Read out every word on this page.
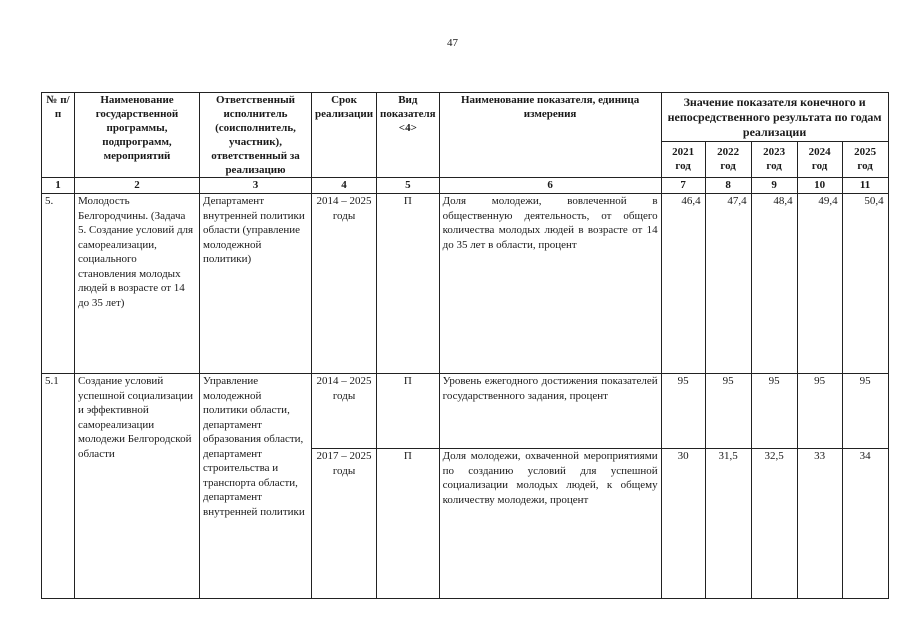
47
№ п/п	Наименование государственной программы, подпрограмм, мероприятий	Ответственный исполнитель (соисполнитель, участник), ответственный за реализацию	Срок реализации	Вид показателя <4>	Наименование показателя, единица измерения	Значение показателя конечного и непосредственного результата по годам реализации				
						2021 год	2022 год	2023 год	2024 год	2025 год
1	2	3	4	5	6	7	8	9	10	11
5.	Молодость Белгородчины. (Задача 5. Создание условий для самореализации, социального становления молодых людей в возрасте от 14 до 35 лет)	Департамент внутренней политики области (управление молодежной политики)	2014 – 2025 годы	П	Доля молодежи, вовлеченной в общественную деятельность, от общего количества молодых людей в возрасте от 14 до 35 лет в области, процент	46,4	47,4	48,4	49,4	50,4
5.1	Создание условий успешной социализации и эффективной самореализации молодежи Белгородской области	Управление молодежной политики области, департамент образования области, департамент строительства и транспорта области, департамент внутренней политики	2014 – 2025 годы	П	Уровень ежегодного достижения показателей государственного задания, процент	95	95	95	95	95
			2017 – 2025 годы	П	Доля молодежи, охваченной мероприятиями по созданию условий для успешной социализации молодых людей, к общему количеству молодежи, процент	30	31,5	32,5	33	34
